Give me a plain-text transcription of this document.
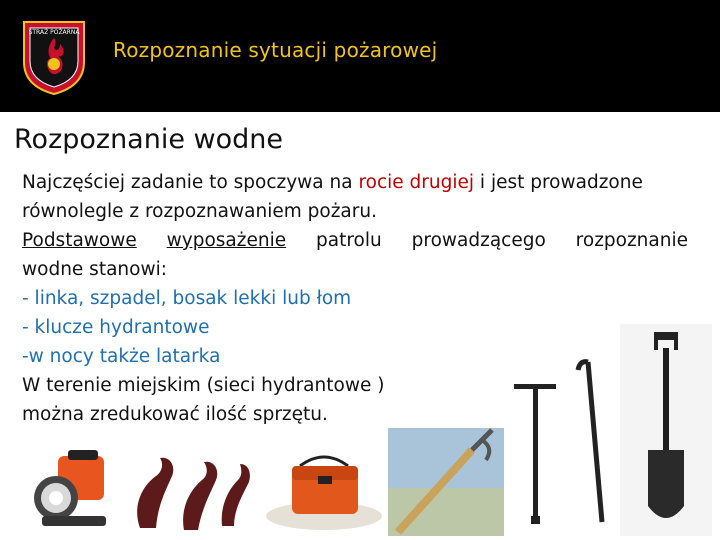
STRAŻ POŻARNA
Rozpoznanie sytuacji pożarowej
Rozpoznanie wodne

Najczęściej zadanie to spoczywa na rocie drugiej i jest prowadzone równolegle z rozpoznawaniem pożaru.

Podstawowe wyposażenie patrolu prowadzącego rozpoznanie

wodne stanowi:

- linka, szpadel, bosak lekki lub łom

- klucze hydrantowe

-w nocy także latarka

W terenie miejskim (sieci hydrantowe )

można zredukować ilość sprzętu.
